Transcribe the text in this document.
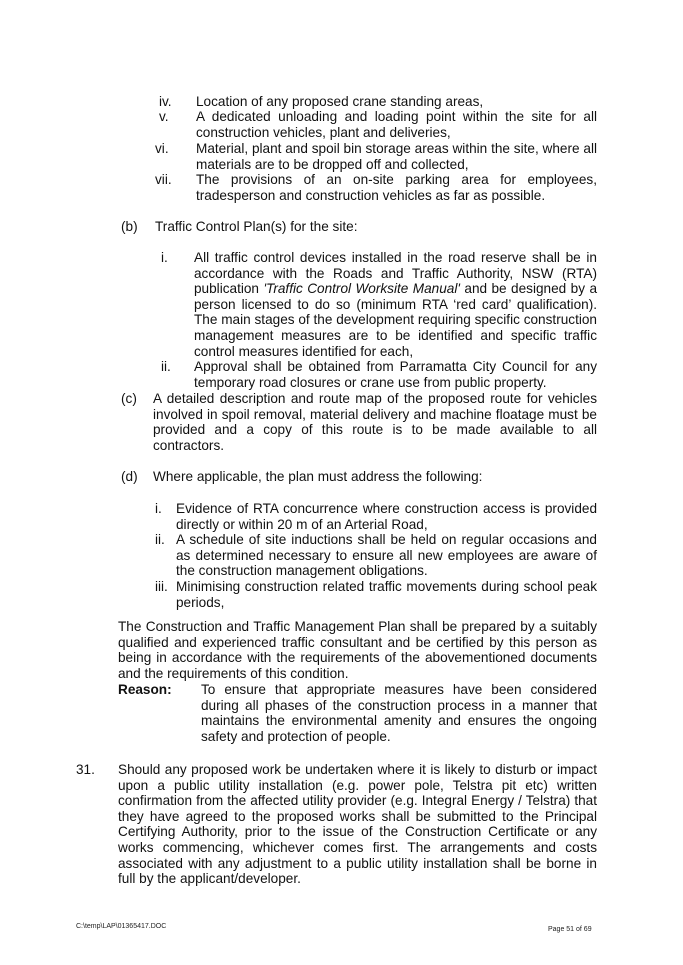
iv. Location of any proposed crane standing areas,
v. A dedicated unloading and loading point within the site for all construction vehicles, plant and deliveries,
vi. Material, plant and spoil bin storage areas within the site, where all materials are to be dropped off and collected,
vii. The provisions of an on-site parking area for employees, tradesperson and construction vehicles as far as possible.
(b) Traffic Control Plan(s) for the site:
i. All traffic control devices installed in the road reserve shall be in accordance with the Roads and Traffic Authority, NSW (RTA) publication 'Traffic Control Worksite Manual' and be designed by a person licensed to do so (minimum RTA ‘red card’ qualification). The main stages of the development requiring specific construction management measures are to be identified and specific traffic control measures identified for each,
ii. Approval shall be obtained from Parramatta City Council for any temporary road closures or crane use from public property.
(c) A detailed description and route map of the proposed route for vehicles involved in spoil removal, material delivery and machine floatage must be provided and a copy of this route is to be made available to all contractors.
(d) Where applicable, the plan must address the following:
i. Evidence of RTA concurrence where construction access is provided directly or within 20 m of an Arterial Road,
ii. A schedule of site inductions shall be held on regular occasions and as determined necessary to ensure all new employees are aware of the construction management obligations.
iii. Minimising construction related traffic movements during school peak periods,
The Construction and Traffic Management Plan shall be prepared by a suitably qualified and experienced traffic consultant and be certified by this person as being in accordance with the requirements of the abovementioned documents and the requirements of this condition.
Reason: To ensure that appropriate measures have been considered during all phases of the construction process in a manner that maintains the environmental amenity and ensures the ongoing safety and protection of people.
31. Should any proposed work be undertaken where it is likely to disturb or impact upon a public utility installation (e.g. power pole, Telstra pit etc) written confirmation from the affected utility provider (e.g. Integral Energy / Telstra) that they have agreed to the proposed works shall be submitted to the Principal Certifying Authority, prior to the issue of the Construction Certificate or any works commencing, whichever comes first. The arrangements and costs associated with any adjustment to a public utility installation shall be borne in full by the applicant/developer.
C:\temp\LAP\01365417.DOC	Page 51 of 69
